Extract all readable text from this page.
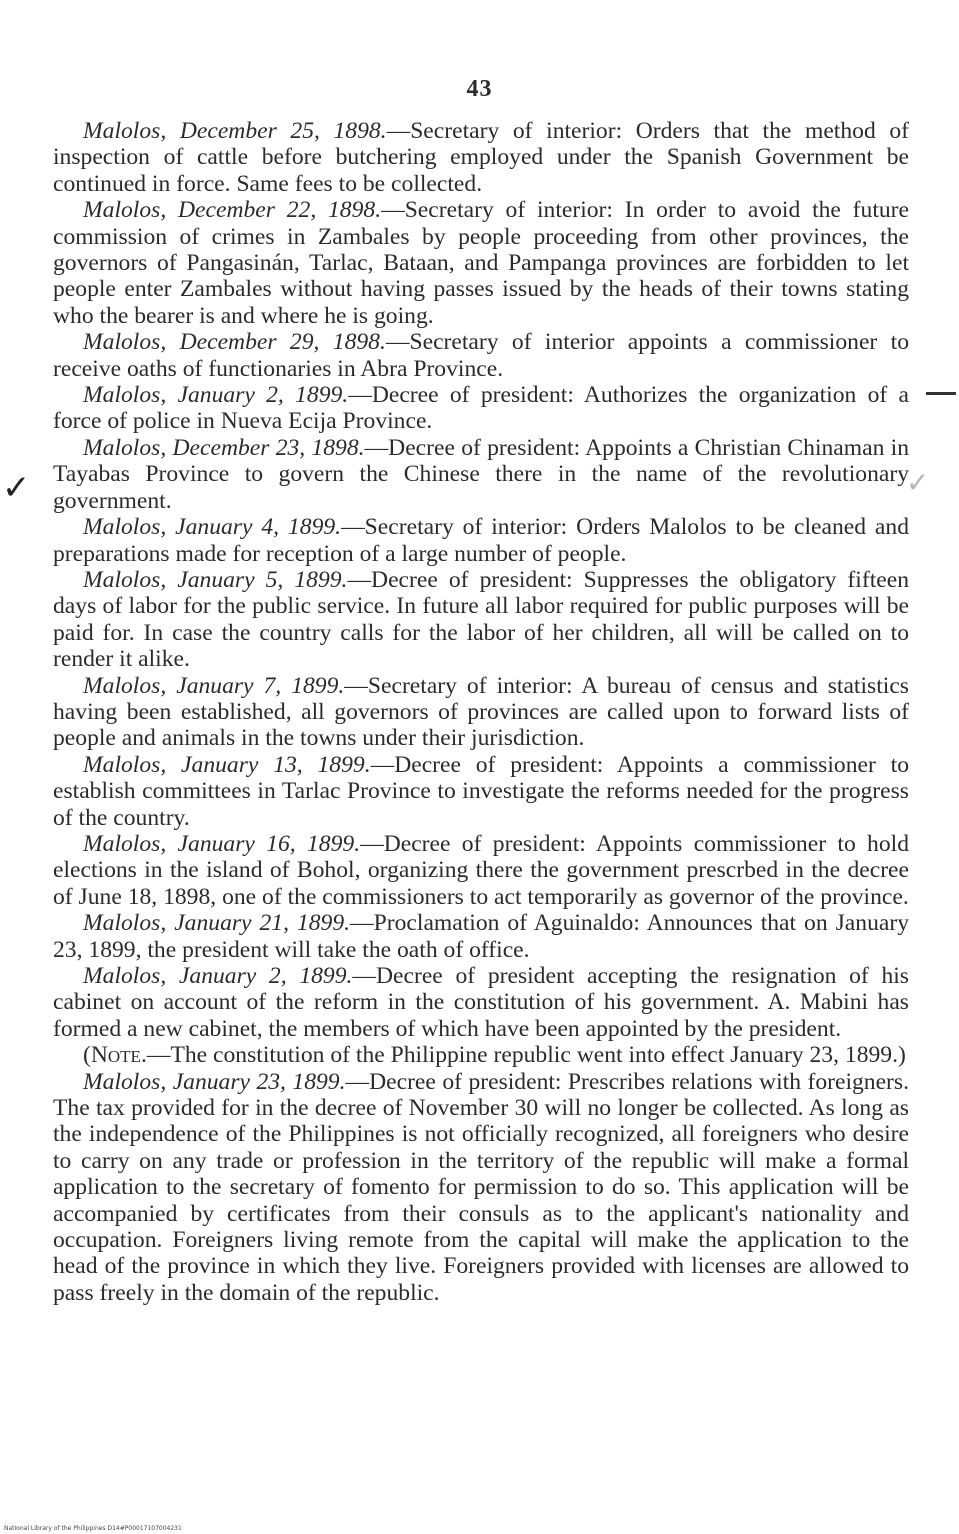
43

Malolos, December 25, 1898.—Secretary of interior: Orders that the method of inspection of cattle before butchering employed under the Spanish Government be continued in force. Same fees to be collected.

Malolos, December 22, 1898.—Secretary of interior: In order to avoid the future commission of crimes in Zambales by people proceeding from other provinces, the governors of Pangasinán, Tarlac, Bataan, and Pampanga provinces are forbidden to let people enter Zambales without having passes issued by the heads of their towns stating who the bearer is and where he is going.

Malolos, December 29, 1898.—Secretary of interior appoints a commissioner to receive oaths of functionaries in Abra Province.

Malolos, January 2, 1899.—Decree of president: Authorizes the organization of a force of police in Nueva Ecija Province.

Malolos, December 23, 1898.—Decree of president: Appoints a Christian Chinaman in Tayabas Province to govern the Chinese there in the name of the revolutionary government.

Malolos, January 4, 1899.—Secretary of interior: Orders Malolos to be cleaned and preparations made for reception of a large number of people.

Malolos, January 5, 1899.—Decree of president: Suppresses the obligatory fifteen days of labor for the public service. In future all labor required for public purposes will be paid for. In case the country calls for the labor of her children, all will be called on to render it alike.

Malolos, January 7, 1899.—Secretary of interior: A bureau of census and statistics having been established, all governors of provinces are called upon to forward lists of people and animals in the towns under their jurisdiction.

Malolos, January 13, 1899.—Decree of president: Appoints a commissioner to establish committees in Tarlac Province to investigate the reforms needed for the progress of the country.

Malolos, January 16, 1899.—Decree of president: Appoints commissioner to hold elections in the island of Bohol, organizing there the government prescrbed in the decree of June 18, 1898, one of the commissioners to act temporarily as governor of the province.

Malolos, January 21, 1899.—Proclamation of Aguinaldo: Announces that on January 23, 1899, the president will take the oath of office.

Malolos, January 2, 1899.—Decree of president accepting the resignation of his cabinet on account of the reform in the constitution of his government. A. Mabini has formed a new cabinet, the members of which have been appointed by the president.

(Note.—The constitution of the Philippine republic went into effect January 23, 1899.)

Malolos, January 23, 1899.—Decree of president: Prescribes relations with foreigners. The tax provided for in the decree of November 30 will no longer be collected. As long as the independence of the Philippines is not officially recognized, all foreigners who desire to carry on any trade or profession in the territory of the republic will make a formal application to the secretary of fomento for permission to do so. This application will be accompanied by certificates from their consuls as to the applicant's nationality and occupation. Foreigners living remote from the capital will make the application to the head of the province in which they live. Foreigners provided with licenses are allowed to pass freely in the domain of the republic.

✓	✓
National Library of the Philippines D14#P00017107004231
